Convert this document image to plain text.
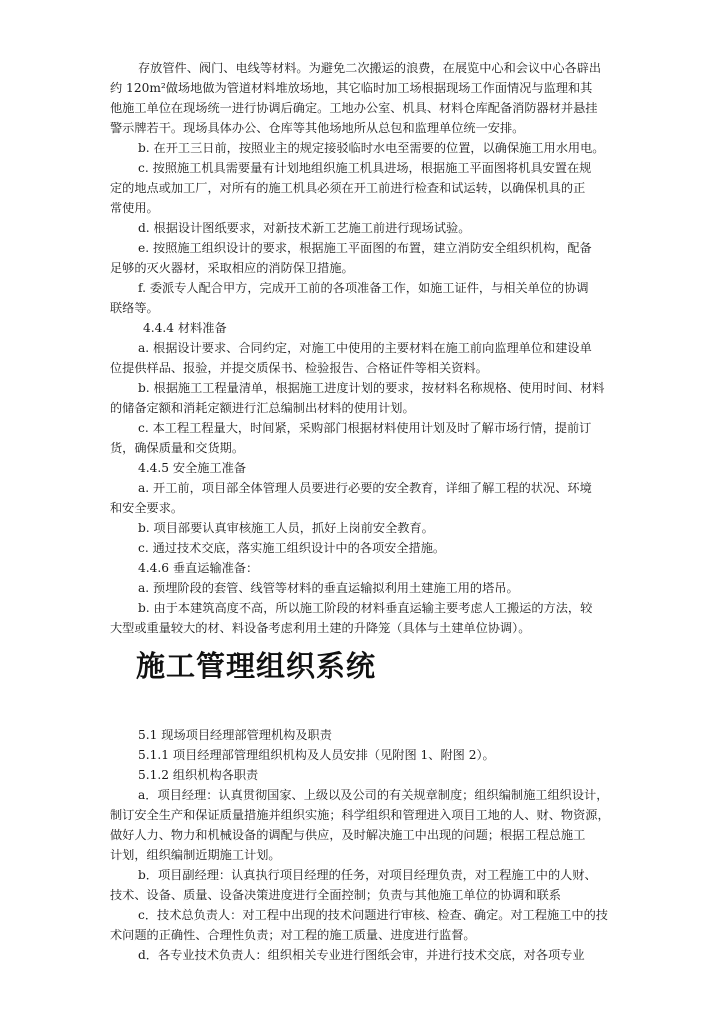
存放管件、阀门、电线等材料。为避免二次搬运的浪费，在展览中心和会议中心各辟出
约 120m²做场地做为管道材料堆放场地，其它临时加工场根据现场工作面情况与监理和其
他施工单位在现场统一进行协调后确定。工地办公室、机具、材料仓库配备消防器材并悬挂
警示牌若干。现场具体办公、仓库等其他场地所从总包和监理单位统一安排。
b. 在开工三日前，按照业主的规定接驳临时水电至需要的位置，以确保施工用水用电。
c. 按照施工机具需要量有计划地组织施工机具进场，根据施工平面图将机具安置在规
定的地点或加工厂，对所有的施工机具必须在开工前进行检查和试运转，以确保机具的正
常使用。
d. 根据设计图纸要求，对新技术新工艺施工前进行现场试验。
e. 按照施工组织设计的要求，根据施工平面图的布置，建立消防安全组织机构，配备
足够的灭火器材，采取相应的消防保卫措施。
f. 委派专人配合甲方，完成开工前的各项准备工作，如施工证件，与相关单位的协调
联络等。
4.4.4 材料准备
a. 根据设计要求、合同约定，对施工中使用的主要材料在施工前向监理单位和建设单
位提供样品、报验，并提交质保书、检验报告、合格证件等相关资料。
b. 根据施工工程量清单，根据施工进度计划的要求，按材料名称规格、使用时间、材料
的储备定额和消耗定额进行汇总编制出材料的使用计划。
c. 本工程工程量大，时间紧，采购部门根据材料使用计划及时了解市场行情，提前订
货，确保质量和交货期。
4.4.5 安全施工准备
a. 开工前，项目部全体管理人员要进行必要的安全教育，详细了解工程的状况、环境
和安全要求。
b. 项目部要认真审核施工人员，抓好上岗前安全教育。
c. 通过技术交底，落实施工组织设计中的各项安全措施。
4.4.6 垂直运输准备：
a. 预埋阶段的套管、线管等材料的垂直运输拟利用土建施工用的塔吊。
b. 由于本建筑高度不高，所以施工阶段的材料垂直运输主要考虑人工搬运的方法，较
大型或重量较大的材、料设备考虑利用土建的升降笼（具体与土建单位协调）。
施工管理组织系统
5.1 现场项目经理部管理机构及职责
5.1.1 项目经理部管理组织机构及人员安排（见附图 1、附图 2）。
5.1.2 组织机构各职责
a．项目经理：认真贯彻国家、上级以及公司的有关规章制度；组织编制施工组织设计，
制订安全生产和保证质量措施并组织实施；科学组织和管理进入项目工地的人、财、物资源，
做好人力、物力和机械设备的调配与供应，及时解决施工中出现的问题；根据工程总施工
计划，组织编制近期施工计划。
b．项目副经理：认真执行项目经理的任务，对项目经理负责，对工程施工中的人财、
技术、设备、质量、设备决策进度进行全面控制；负责与其他施工单位的协调和联系
c．技术总负责人：对工程中出现的技术问题进行审核、检查、确定。对工程施工中的技
术问题的正确性、合理性负责；对工程的施工质量、进度进行监督。
d．各专业技术负责人：组织相关专业进行图纸会审，并进行技术交底，对各项专业
